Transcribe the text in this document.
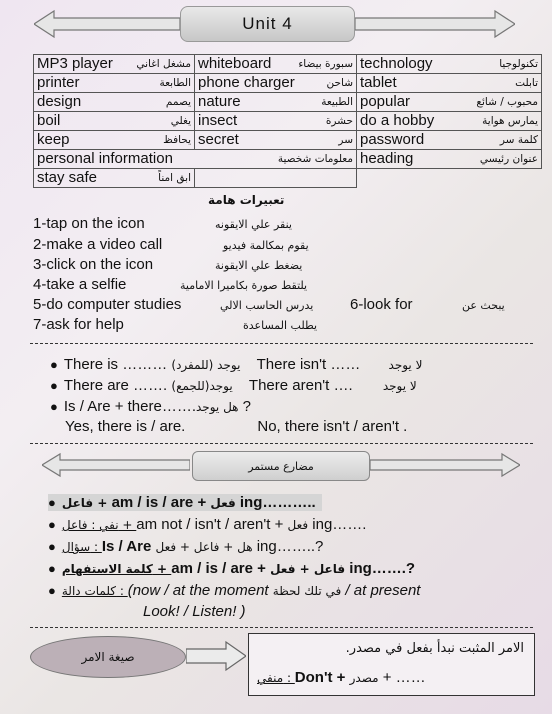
Unit 4
MP3 player مشغل اغاني	whiteboard سبورة بيضاء	technology تكنولوجيا

printer الطابعة	phone charger شاحن	tablet تابلت

design يصمم	nature الطبيعة	popular محبوب / شائع

boil يغلي	insect حشرة	do a hobby يمارس هواية

keep يحافظ	secret سر	password كلمة سر

personal information معلومات شخصية		heading عنوان رئيسي

stay safe ابق امناً		

تعبيرات هامة
1-tap on the icon	ينقر علي الايقونه
2-make a video call	يقوم بمكالمة فيديو
3-click on the icon	يضغط علي الايقونة
4-take a selfie	يلتقط صورة بكاميرا الامامية
5-do computer studies	يدرس الحاسب الالي 6-look for	يبحث عن
7-ask for help	يطلب المساعدة
● There is ……… يوجد (للمفرد) There isn't …… لا يوجد
● There are ……. يوجد(للجمع) There aren't …. لا يوجد
● Is / Are + there…….هل يوجد ?
Yes, there is / are.	No, there isn't / aren't .
مضارع مستمر
● فاعل + am / is / are + فعل ing………..
● نفي : فاعل + am not / isn't / aren't + فعل ing…….
● سؤال : Is / Are هل + فاعل + فعل ing……..?
● كلمة الاستفهام + am / is / are + فاعل + فعل ing…….?
● كلمات دالة : (now / at the moment في تلك لحظة / at present
Look! / Listen! )
صيغة الامر
الامر المثبت نبدأ بفعل في مصدر.
منفي : Don't + مصدر + ……
